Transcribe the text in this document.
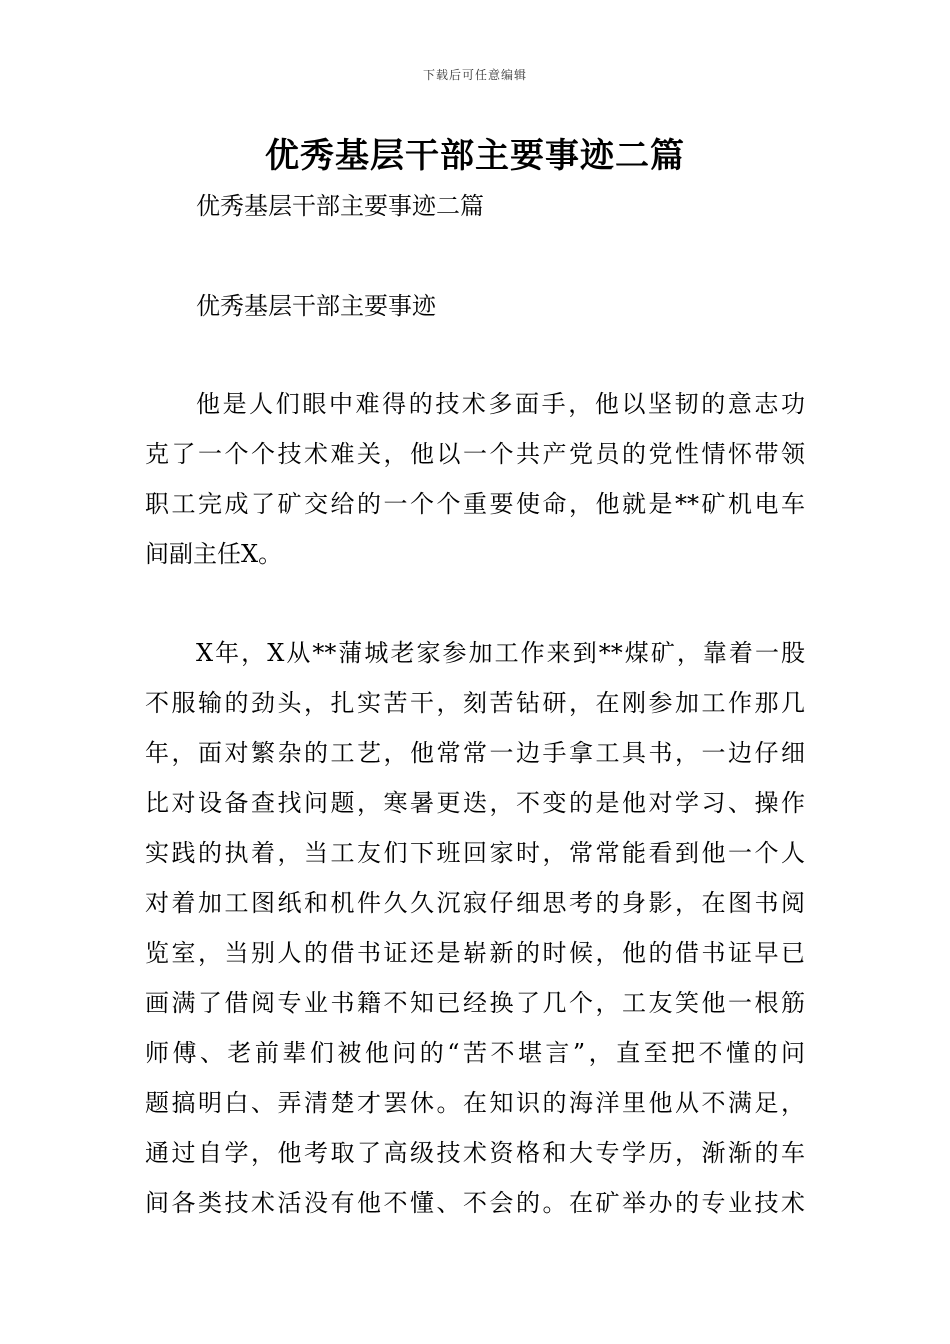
下载后可任意编辑
优秀基层干部主要事迹二篇

优秀基层干部主要事迹二篇

优秀基层干部主要事迹

他是人们眼中难得的技术多面手，他以坚韧的意志功
克了一个个技术难关，他以一个共产党员的党性情怀带领
职工完成了矿交给的一个个重要使命，他就是**矿机电车
间副主任X。
X年，X从**蒲城老家参加工作来到**煤矿，靠着一股
不服输的劲头，扎实苦干，刻苦钻研，在刚参加工作那几
年，面对繁杂的工艺，他常常一边手拿工具书，一边仔细
比对设备查找问题，寒暑更迭，不变的是他对学习、操作
实践的执着，当工友们下班回家时，常常能看到他一个人
对着加工图纸和机件久久沉寂仔细思考的身影，在图书阅
览室，当别人的借书证还是崭新的时候，他的借书证早已
画满了借阅专业书籍不知已经换了几个，工友笑他一根筋
师傅、老前辈们被他问的“苦不堪言”，直至把不懂的问
题搞明白、弄清楚才罢休。在知识的海洋里他从不满足，
通过自学，他考取了高级技术资格和大专学历，渐渐的车
间各类技术活没有他不懂、不会的。在矿举办的专业技术
